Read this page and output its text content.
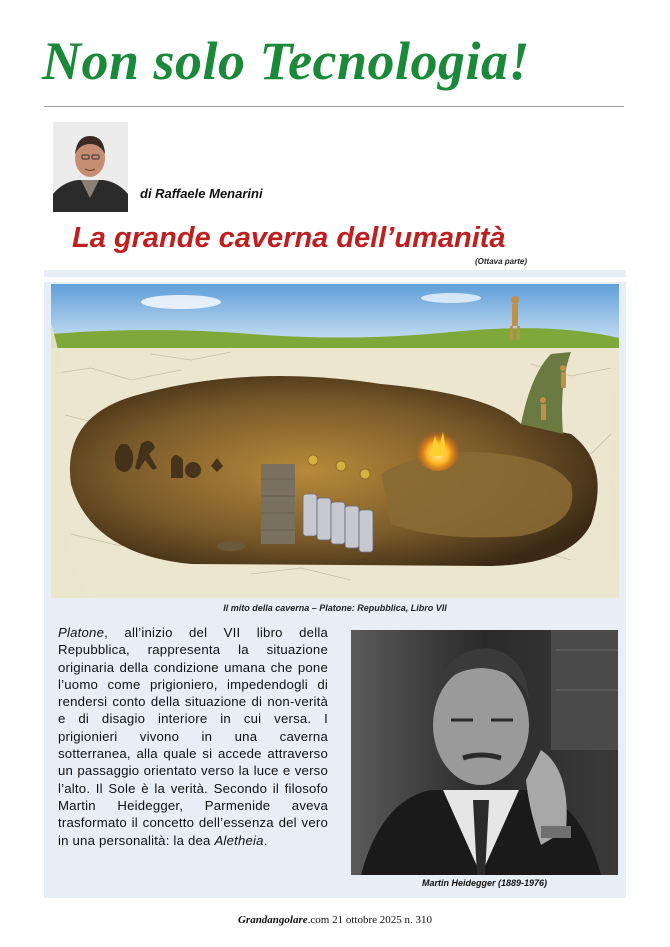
Non solo Tecnologia!
di Raffaele Menarini
La grande caverna dell’umanità
(Ottava parte)
Il mito della caverna – Platone: Repubblica, Libro VII
Platone, all’inizio del VII libro della Repubblica, rappresenta la situazione originaria della condizione umana che pone l’uomo come prigioniero, impedendogli di rendersi conto della situazione di non-verità e di disagio interiore in cui versa. I prigionieri vivono in una caverna sotterranea, alla quale si accede attraverso un passaggio orientato verso la luce e verso l’alto. Il Sole è la verità. Secondo il filosofo Martin Heidegger, Parmenide aveva trasformato il concetto dell’essenza del vero in una personalità: la dea Aletheia.
Martin Heidegger (1889-1976)
Grandangolare.com 21 ottobre 2025 n. 310
